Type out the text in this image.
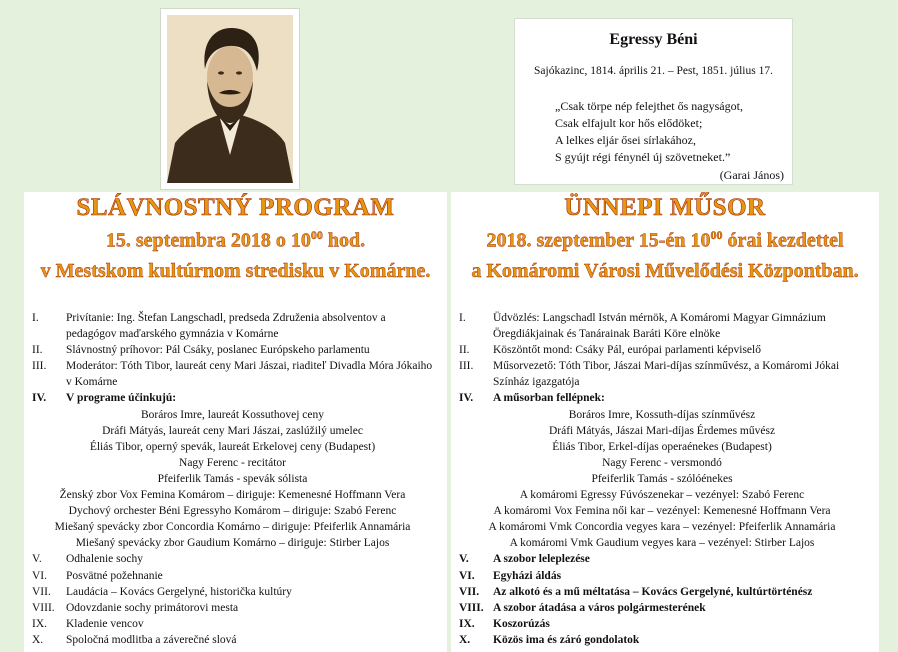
Egressy Béni
Sajókazinc, 1814. április 21. – Pest, 1851. július 17.
„Csak törpe nép felejthet ős nagyságot,
Csak elfajult kor hős elődöket;
A lelkes eljár ősei sírlakához,
S gyújt régi fénynél új szövetneket.”
(Garai János)
SLÁVNOSTNÝ PROGRAM
15. septembra 2018 o $10^{00}$ hod.
v Mestskom kultúrnom stredisku v Komárne.
I.	Privítanie: Ing. Štefan Langschadl, predseda Združenia absolventov a
pedagógov maďarského gymnázia v Komárne
II.	Slávnostný príhovor: Pál Csáky, poslanec Európskeho parlamentu
III.	Moderátor: Tóth Tibor, laureát ceny Mari Jászai, riaditeľ Divadla Móra Jókaiho
v Komárne
IV.	V programe účinkujú:
Boráros Imre, laureát Kossuthovej ceny
Dráfi Mátyás, laureát ceny Mari Jászai, zaslúžilý umelec
Éliás Tibor, operný spevák, laureát Erkelovej ceny (Budapest)
Nagy Ferenc - recitátor
Pfeiferlik Tamás - spevák sólista
Ženský zbor Vox Femina Komárom – diriguje: Kemenesné Hoffmann Vera
Dychový orchester Béni Egressyho Komárom – diriguje: Szabó Ferenc
Miešaný spevácky zbor Concordia Komárno – diriguje: Pfeiferlik Annamária
Miešaný spevácky zbor Gaudium Komárno – diriguje: Stirber Lajos
V.	Odhalenie sochy
VI.	Posvätné požehnanie
VII.	Laudácia – Kovács Gergelyné, historička kultúry
VIII. Odovzdanie sochy primátorovi mesta
IX.	Kladenie vencov
X.	Spoločná modlitba a záverečné slová
ÜNNEPI MŰSOR
2018. szeptember 15-én $10^{00}$ órai kezdettel
a Komáromi Városi Művelődési Központban.
I.	Üdvözlés: Langschadl István mérnök, A Komáromi Magyar Gimnázium
Öregdiákjainak és Tanárainak Baráti Köre elnöke
II.	Köszöntőt mond: Csáky Pál, európai parlamenti képviselő
III.	Műsorvezető: Tóth Tibor, Jászai Mari-díjas színművész, a Komáromi Jókai
Színház igazgatója
IV.	A műsorban fellépnek:
Boráros Imre, Kossuth-díjas színművész
Dráfi Mátyás, Jászai Mari-díjas Érdemes művész
Éliás Tibor, Erkel-díjas operaénekes (Budapest)
Nagy Ferenc - versmondó
Pfeiferlik Tamás - szólóénekes
A komáromi Egressy Fúvószenekar – vezényel: Szabó Ferenc
A komáromi Vox Femina női kar – vezényel: Kemenesné Hoffmann Vera
A komáromi Vmk Concordia vegyes kara – vezényel: Pfeiferlik Annamária
A komáromi Vmk Gaudium vegyes kara – vezényel: Stirber Lajos
V.	A szobor leleplezése
VI.	Egyházi áldás
VII.	Az alkotó és a mű méltatása – Kovács Gergelyné, kultúrtörténész
VIII. A szobor átadása a város polgármesterének
IX.	Koszorúzás
X.	Közös ima és záró gondolatok
